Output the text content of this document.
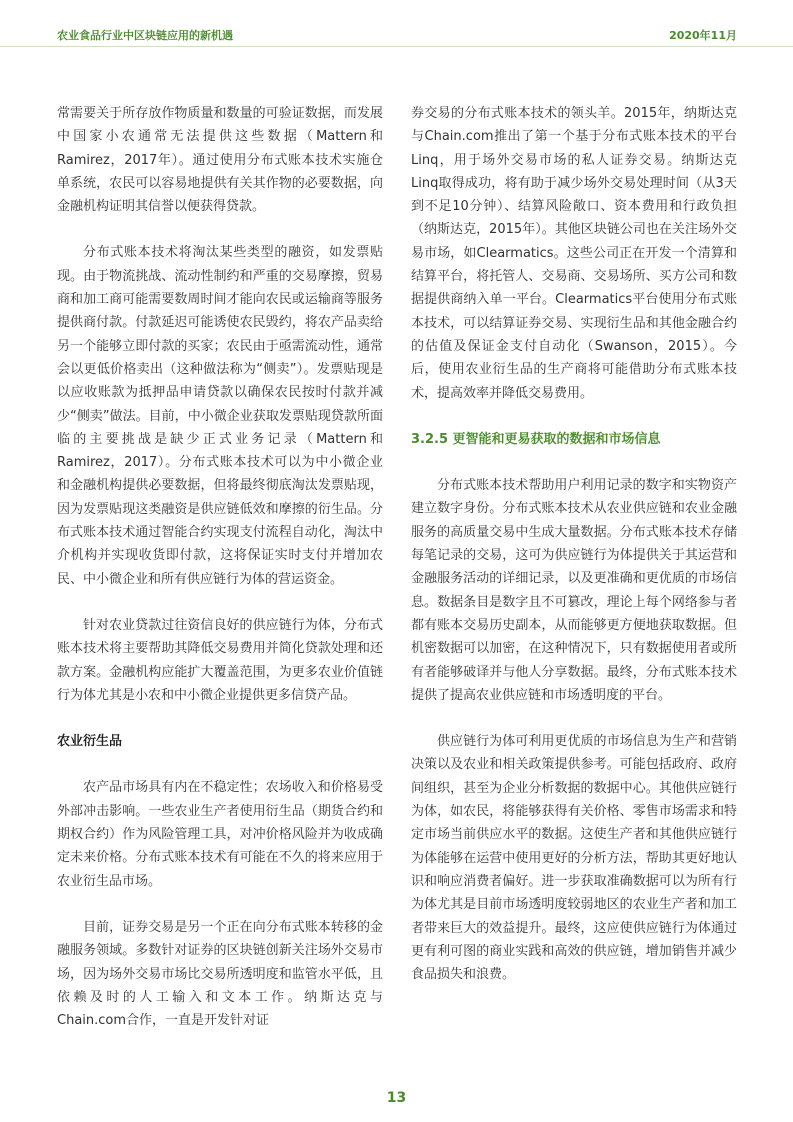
农业食品行业中区块链应用的新机遇	2020年11月

常需要关于所存放作物质量和数量的可验证数据，而发展中国家小农通常无法提供这些数据（Mattern和Ramirez，2017年）。通过使用分布式账本技术实施仓单系统，农民可以容易地提供有关其作物的必要数据，向金融机构证明其信誉以便获得贷款。

分布式账本技术将淘汰某些类型的融资，如发票贴现。由于物流挑战、流动性制约和严重的交易摩擦，贸易商和加工商可能需要数周时间才能向农民或运输商等服务提供商付款。付款延迟可能诱使农民毁约，将农产品卖给另一个能够立即付款的买家；农民由于亟需流动性，通常会以更低价格卖出（这种做法称为“侧卖”）。发票贴现是以应收账款为抵押品申请贷款以确保农民按时付款并减少“侧卖”做法。目前，中小微企业获取发票贴现贷款所面临的主要挑战是缺少正式业务记录（Mattern和Ramirez，2017）。分布式账本技术可以为中小微企业和金融机构提供必要数据，但将最终彻底淘汰发票贴现，因为发票贴现这类融资是供应链低效和摩擦的衍生品。分布式账本技术通过智能合约实现支付流程自动化，淘汰中介机构并实现收货即付款，这将保证实时支付并增加农民、中小微企业和所有供应链行为体的营运资金。

针对农业贷款过往资信良好的供应链行为体，分布式账本技术将主要帮助其降低交易费用并简化贷款处理和还款方案。金融机构应能扩大覆盖范围，为更多农业价值链行为体尤其是小农和中小微企业提供更多信贷产品。

农业衍生品

农产品市场具有内在不稳定性；农场收入和价格易受外部冲击影响。一些农业生产者使用衍生品（期货合约和期权合约）作为风险管理工具，对冲价格风险并为收成确定未来价格。分布式账本技术有可能在不久的将来应用于农业衍生品市场。

目前，证券交易是另一个正在向分布式账本转移的金融服务领域。多数针对证券的区块链创新关注场外交易市场，因为场外交易市场比交易所透明度和监管水平低，且依赖及时的人工输入和文本工作。纳斯达克与Chain.com合作，一直是开发针对证

券交易的分布式账本技术的领头羊。2015年，纳斯达克与Chain.com推出了第一个基于分布式账本技术的平台Linq，用于场外交易市场的私人证券交易。纳斯达克Linq取得成功，将有助于减少场外交易处理时间（从3天到不足10分钟）、结算风险敞口、资本费用和行政负担（纳斯达克，2015年）。其他区块链公司也在关注场外交易市场，如Clearmatics。这些公司正在开发一个清算和结算平台，将托管人、交易商、交易场所、买方公司和数据提供商纳入单一平台。Clearmatics平台使用分布式账本技术，可以结算证券交易、实现衍生品和其他金融合约的估值及保证金支付自动化（Swanson，2015）。今后，使用农业衍生品的生产商将可能借助分布式账本技术，提高效率并降低交易费用。

3.2.5 更智能和更易获取的数据和市场信息

分布式账本技术帮助用户利用记录的数字和实物资产建立数字身份。分布式账本技术从农业供应链和农业金融服务的高质量交易中生成大量数据。分布式账本技术存储每笔记录的交易，这可为供应链行为体提供关于其运营和金融服务活动的详细记录，以及更准确和更优质的市场信息。数据条目是数字且不可篡改，理论上每个网络参与者都有账本交易历史副本，从而能够更方便地获取数据。但机密数据可以加密，在这种情况下，只有数据使用者或所有者能够破译并与他人分享数据。最终，分布式账本技术提供了提高农业供应链和市场透明度的平台。

供应链行为体可利用更优质的市场信息为生产和营销决策以及农业和相关政策提供参考。可能包括政府、政府间组织，甚至为企业分析数据的数据中心。其他供应链行为体，如农民，将能够获得有关价格、零售市场需求和特定市场当前供应水平的数据。这使生产者和其他供应链行为体能够在运营中使用更好的分析方法，帮助其更好地认识和响应消费者偏好。进一步获取准确数据可以为所有行为体尤其是目前市场透明度较弱地区的农业生产者和加工者带来巨大的效益提升。最终，这应使供应链行为体通过更有利可图的商业实践和高效的供应链，增加销售并减少食品损失和浪费。

13
